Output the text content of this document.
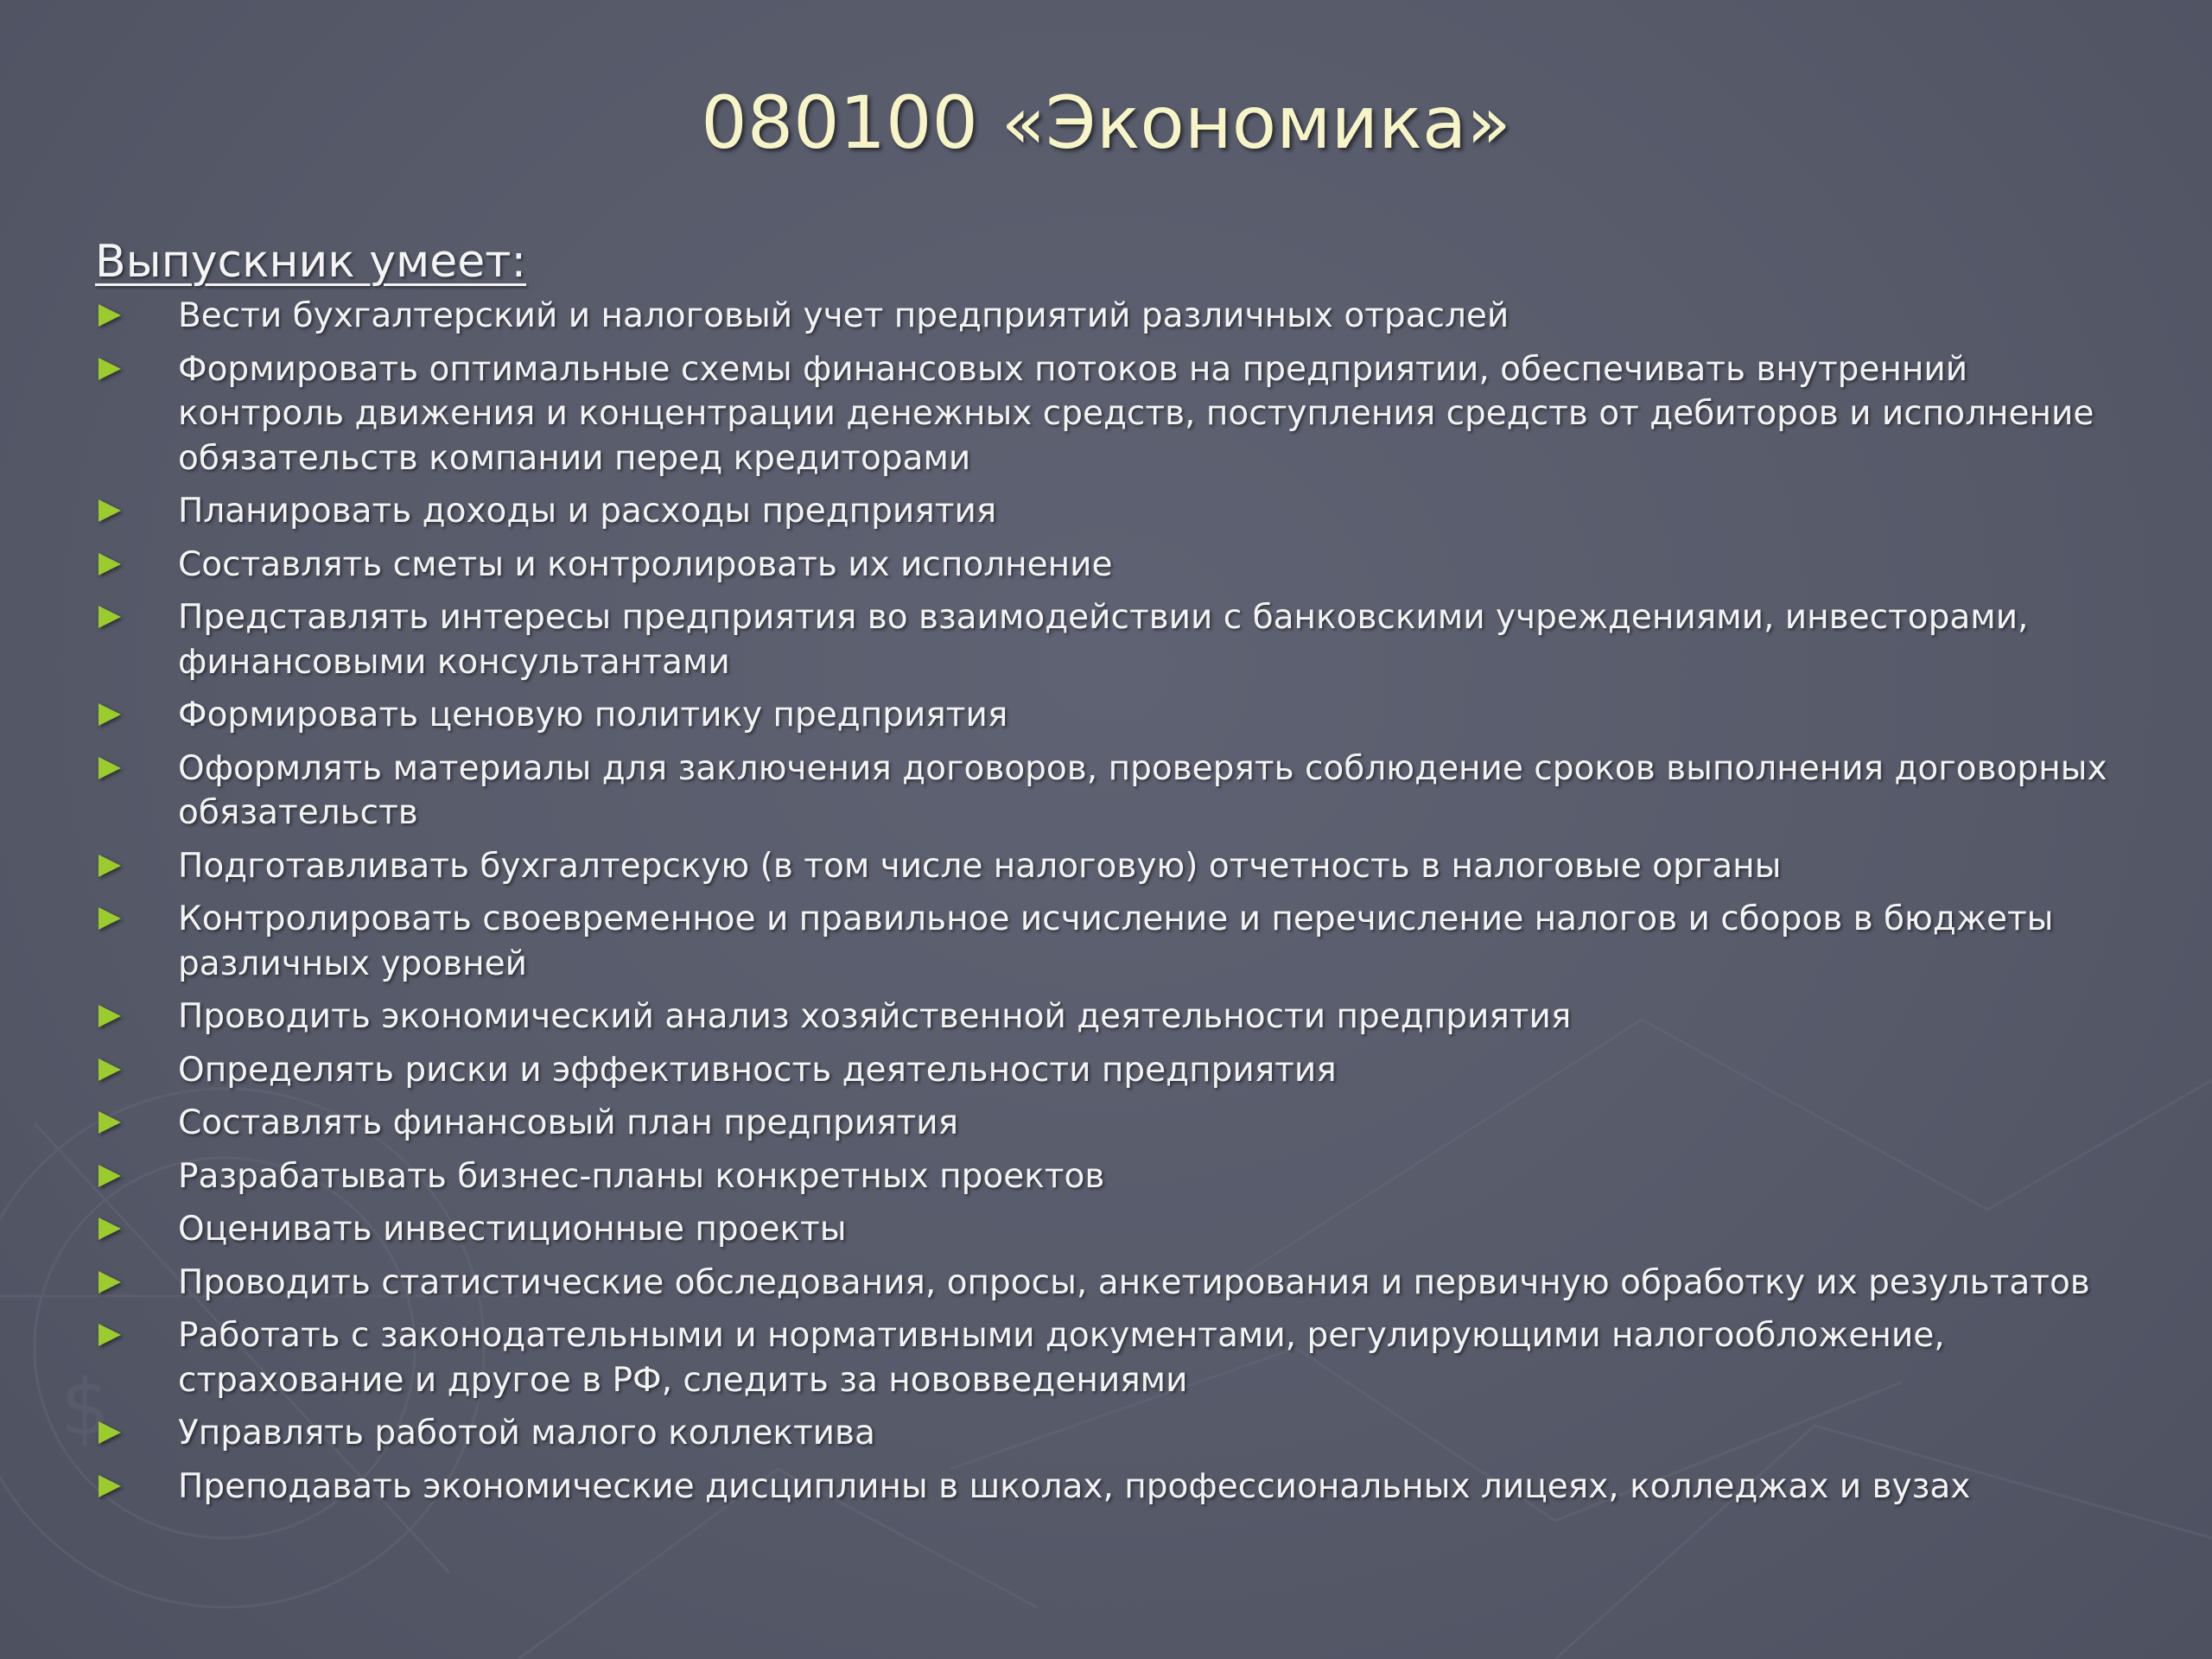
$
080100 «Экономика»
Выпускник умеет:
Вести бухгалтерский и налоговый учет предприятий различных отраслей
Формировать оптимальные схемы финансовых потоков на предприятии, обеспечивать внутренний контроль движения и концентрации денежных средств, поступления средств от дебиторов и исполнение обязательств компании перед кредиторами
Планировать доходы и расходы предприятия
Составлять сметы и контролировать их исполнение
Представлять интересы предприятия во взаимодействии с банковскими учреждениями, инвесторами, финансовыми консультантами
Формировать ценовую политику предприятия
Оформлять материалы для заключения договоров, проверять соблюдение сроков выполнения договорных обязательств
Подготавливать бухгалтерскую (в том числе налоговую) отчетность в налоговые органы
Контролировать своевременное и правильное исчисление и перечисление налогов и сборов в бюджеты различных уровней
Проводить экономический анализ хозяйственной деятельности предприятия
Определять риски и эффективность деятельности предприятия
Составлять финансовый план предприятия
Разрабатывать бизнес-планы конкретных проектов
Оценивать инвестиционные проекты
Проводить статистические обследования, опросы, анкетирования и первичную обработку их результатов
Работать с законодательными и нормативными документами, регулирующими налогообложение, страхование и другое в РФ, следить за нововведениями
Управлять работой малого коллектива
Преподавать экономические дисциплины в школах, профессиональных лицеях, колледжах и вузах
